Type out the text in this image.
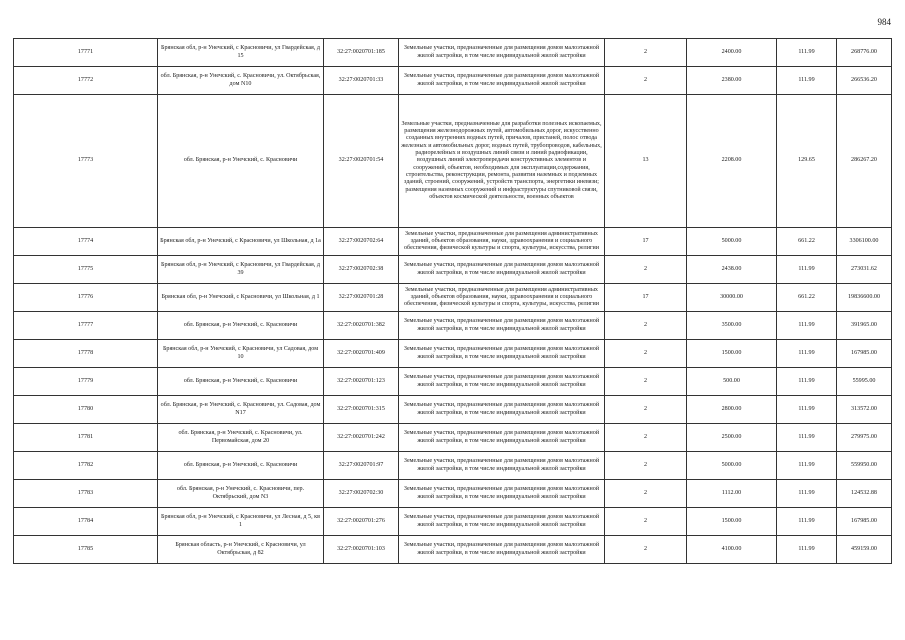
984
17771	Брянская обл, р-н Унечский, с Красновичи, ул Гвардейская, д 15	32:27:0020701:185	Земельные участки, предназначенные для размещения домов малоэтажной жилой застройки, в том числе индивидуальной жилой застройки	2	2400.00	111.99	268776.00
17772	обл. Брянская, р-н Унечский, с. Красновичи, ул. Октябрьская, дом N10	32:27:0020701:33	Земельные участки, предназначенные для размещения домов малоэтажной жилой застройки, в том числе индивидуальной жилой застройки	2	2380.00	111.99	266536.20
17773	обл. Брянская, р-н Унечский, с. Красновичи	32:27:0020701:54	Земельные участки, предназначенные для разработки полезных ископаемых, размещения железнодорожных путей, автомобильных дорог, искусственно созданных внутренних водных путей, причалов, пристаней, полос отвода железных и автомобильных дорог, водных путей, трубопроводов, кабельных, радиорелейных и воздушных линий связи и линий радиофикации, воздушных линий электропередачи конструктивных элементов и сооружений, объектов, необходимых для эксплуатации,содержания, строительства, реконструкции, ремонта, развития наземных и подземных зданий, строений, сооружений, устройств транспорта, энергетики иневязи; размещения наземных сооружений и инфраструктуры спутниковой связи, объектов космической деятельности, военных объектов	13	2208.00	129.65	286267.20
17774	Брянская обл, р-н Унечский, с Красновичи, ул Школьная, д 1а	32:27:0020702:64	Земельные участки, предназначенные для размещения административных зданий, объектов образования, науки, здравоохранения и социального обеспечения, физической культуры и спорта, культуры, искусства, религии	17	5000.00	661.22	3306100.00
17775	Брянская обл, р-н Унечский, с Красновичи, ул Гвардейская, д 39	32:27:0020702:38	Земельные участки, предназначенные для размещения домов малоэтажной жилой застройки, в том числе индивидуальной жилой застройки	2	2438.00	111.99	273031.62
17776	Брянская обл, р-н Унечский, с Красновичи, ул Школьная, д 1	32:27:0020701:28	Земельные участки, предназначенные для размещения административных зданий, объектов образования, науки, здравоохранения и социального обеспечения, физической культуры и спорта, культуры, искусства, религии	17	30000.00	661.22	19836600.00
17777	обл. Брянская, р-н Унечский, с. Красновичи	32:27:0020701:382	Земельные участки, предназначенные для размещения домов малоэтажной жилой застройки, в том числе индивидуальной жилой застройки	2	3500.00	111.99	391965.00
17778	Брянская обл, р-н Унечский, с Красновичи, ул Садовая, дом 10	32:27:0020701:409	Земельные участки, предназначенные для размещения домов малоэтажной жилой застройки, в том числе индивидуальной жилой застройки	2	1500.00	111.99	167985.00
17779	обл. Брянская, р-н Унечский, с. Красновичи	32:27:0020701:123	Земельные участки, предназначенные для размещения домов малоэтажной жилой застройки, в том числе индивидуальной жилой застройки	2	500.00	111.99	55995.00
17780	обл. Брянская, р-н Унечский, с. Красновичи, ул. Садовая, дом N17	32:27:0020701:315	Земельные участки, предназначенные для размещения домов малоэтажной жилой застройки, в том числе индивидуальной жилой застройки	2	2800.00	111.99	313572.00
17781	обл. Брянская, р-н Унечский, с. Красновичи, ул. Первомайская, дом 20	32:27:0020701:242	Земельные участки, предназначенные для размещения домов малоэтажной жилой застройки, в том числе индивидуальной жилой застройки	2	2500.00	111.99	279975.00
17782	обл. Брянская, р-н Унечский, с. Красновичи	32:27:0020701:97	Земельные участки, предназначенные для размещения домов малоэтажной жилой застройки, в том числе индивидуальной жилой застройки	2	5000.00	111.99	559950.00
17783	обл. Брянская, р-н Унечский, с. Красновичи, пер. Октябрьский, дом N3	32:27:0020702:30	Земельные участки, предназначенные для размещения домов малоэтажной жилой застройки, в том числе индивидуальной жилой застройки	2	1112.00	111.99	124532.88
17784	Брянская обл, р-н Унечский, с Красновичи, ул Лесная, д 5, кв 1	32:27:0020701:276	Земельные участки, предназначенные для размещения домов малоэтажной жилой застройки, в том числе индивидуальной жилой застройки	2	1500.00	111.99	167985.00
17785	Брянская область, р-н Унечский, с Красновичи, ул Октябрьская, д 82	32:27:0020701:103	Земельные участки, предназначенные для размещения домов малоэтажной жилой застройки, в том числе индивидуальной жилой застройки	2	4100.00	111.99	459159.00
